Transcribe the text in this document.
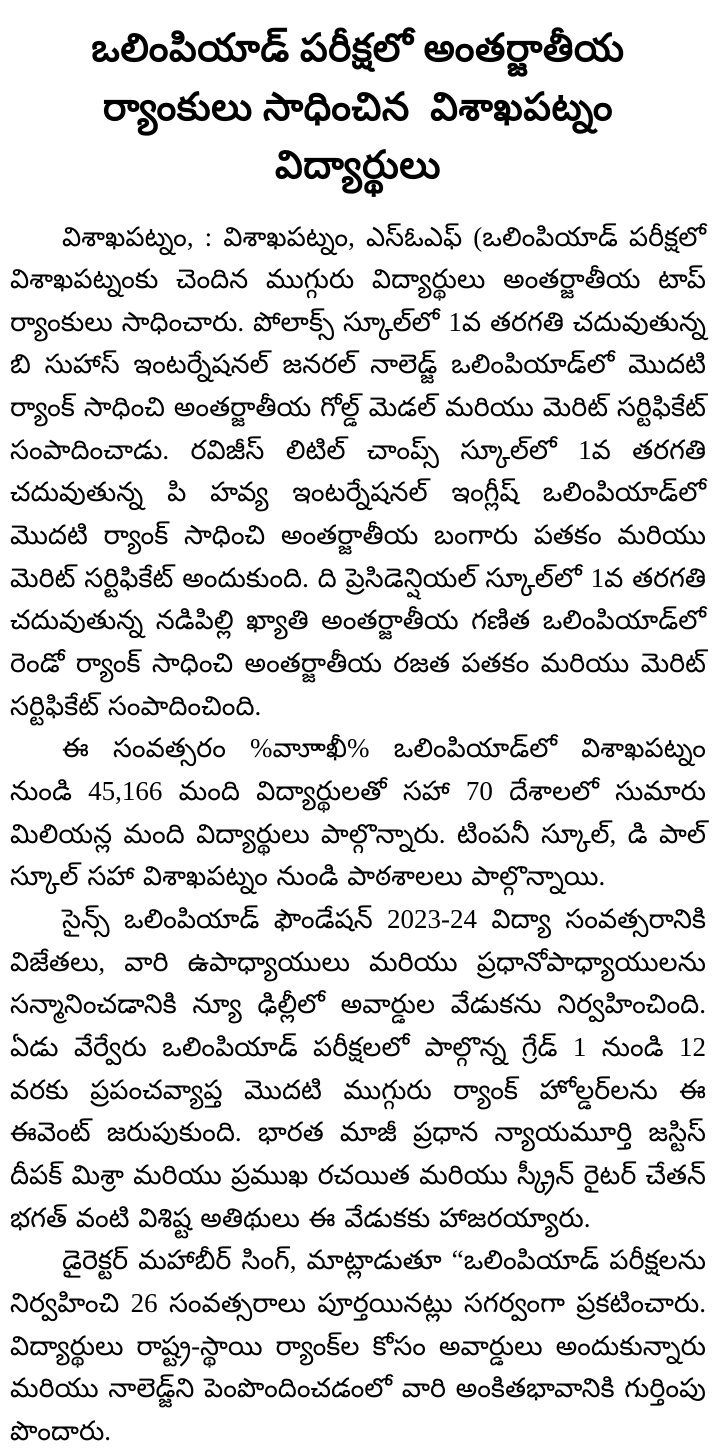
ఒలింపియాడ్ పరీక్షలో అంతర్జాతీయ
ర్యాంకులు సాధించిన  విశాఖపట్నం విద్యార్థులు

విశాఖపట్నం, : విశాఖపట్నం, ఎస్ఓఎఫ్ (ఒలింపియాడ్ పరీక్షలో విశాఖపట్నంకు చెందిన ముగ్గురు విద్యార్థులు అంతర్జాతీయ టాప్ ర్యాంకులు సాధించారు. పోలాక్స్ స్కూల్‌లో 1వ తరగతి చదువుతున్న బి సుహాస్ ఇంటర్నేషనల్ జనరల్ నాలెడ్జ్ ఒలింపియాడ్‌లో మొదటి ర్యాంక్ సాధించి అంతర్జాతీయ గోల్డ్ మెడల్ మరియు మెరిట్ సర్టిఫికేట్ సంపాదించాడు. రవిజీస్ లిటిల్ చాంప్స్ స్కూల్‌లో 1వ తరగతి చదువుతున్న పి హవ్య ఇంటర్నేషనల్ ఇంగ్లీష్ ఒలింపియాడ్‌లో మొదటి ర్యాంక్ సాధించి అంతర్జాతీయ బంగారు పతకం మరియు మెరిట్ సర్టిఫికేట్ అందుకుంది. ది ప్రెసిడెన్షియల్ స్కూల్‌లో 1వ తరగతి చదువుతున్న నడిపిల్లి ఖ్యాతి అంతర్జాతీయ గణిత ఒలింపియాడ్‌లో రెండో ర్యాంక్ సాధించి అంతర్జాతీయ రజత పతకం మరియు మెరిట్ సర్టిఫికేట్ సంపాదించింది.

ఈ సంవత్సరం %వాూాఖీ% ఒలింపియాడ్‌లో విశాఖపట్నం నుండి 45,166 మంది విద్యార్థులతో సహా 70 దేశాలలో సుమారు మిలియన్ల మంది విద్యార్థులు పాల్గొన్నారు. టింపనీ స్కూల్, డి పాల్ స్కూల్ సహా విశాఖపట్నం నుండి పాఠశాలలు పాల్గొన్నాయి.

సైన్స్ ఒలింపియాడ్ ఫౌండేషన్ 2023-24 విద్యా సంవత్సరానికి విజేతలు, వారి ఉపాధ్యాయులు మరియు ప్రధానోపాధ్యాయులను సన్మానించడానికి న్యూ ఢిల్లీలో అవార్డుల వేడుకను నిర్వహించింది. ఏడు వేర్వేరు ఒలింపియాడ్ పరీక్షలలో పాల్గొన్న గ్రేడ్ 1 నుండి 12 వరకు ప్రపంచవ్యాప్త మొదటి ముగ్గురు ర్యాంక్ హోల్డర్‌లను ఈ ఈవెంట్ జరుపుకుంది. భారత మాజీ ప్రధాన న్యాయమూర్తి జస్టిస్ దీపక్ మిశ్రా మరియు ప్రముఖ రచయిత మరియు స్క్రీన్ రైటర్ చేతన్ భగత్ వంటి విశిష్ట అతిథులు ఈ వేడుకకు హాజరయ్యారు.

డైరెక్టర్ మహాబీర్ సింగ్, మాట్లాడుతూ “ఒలింపియాడ్ పరీక్షలను నిర్వహించి 26 సంవత్సరాలు పూర్తయినట్లు సగర్వంగా ప్రకటించారు. విద్యార్థులు రాష్ట్ర-స్థాయి ర్యాంక్‌ల కోసం అవార్డులు అందుకున్నారు మరియు నాలెడ్జ్‌ని పెంపొందించడంలో వారి అంకితభావానికి గుర్తింపు పొందారు.
